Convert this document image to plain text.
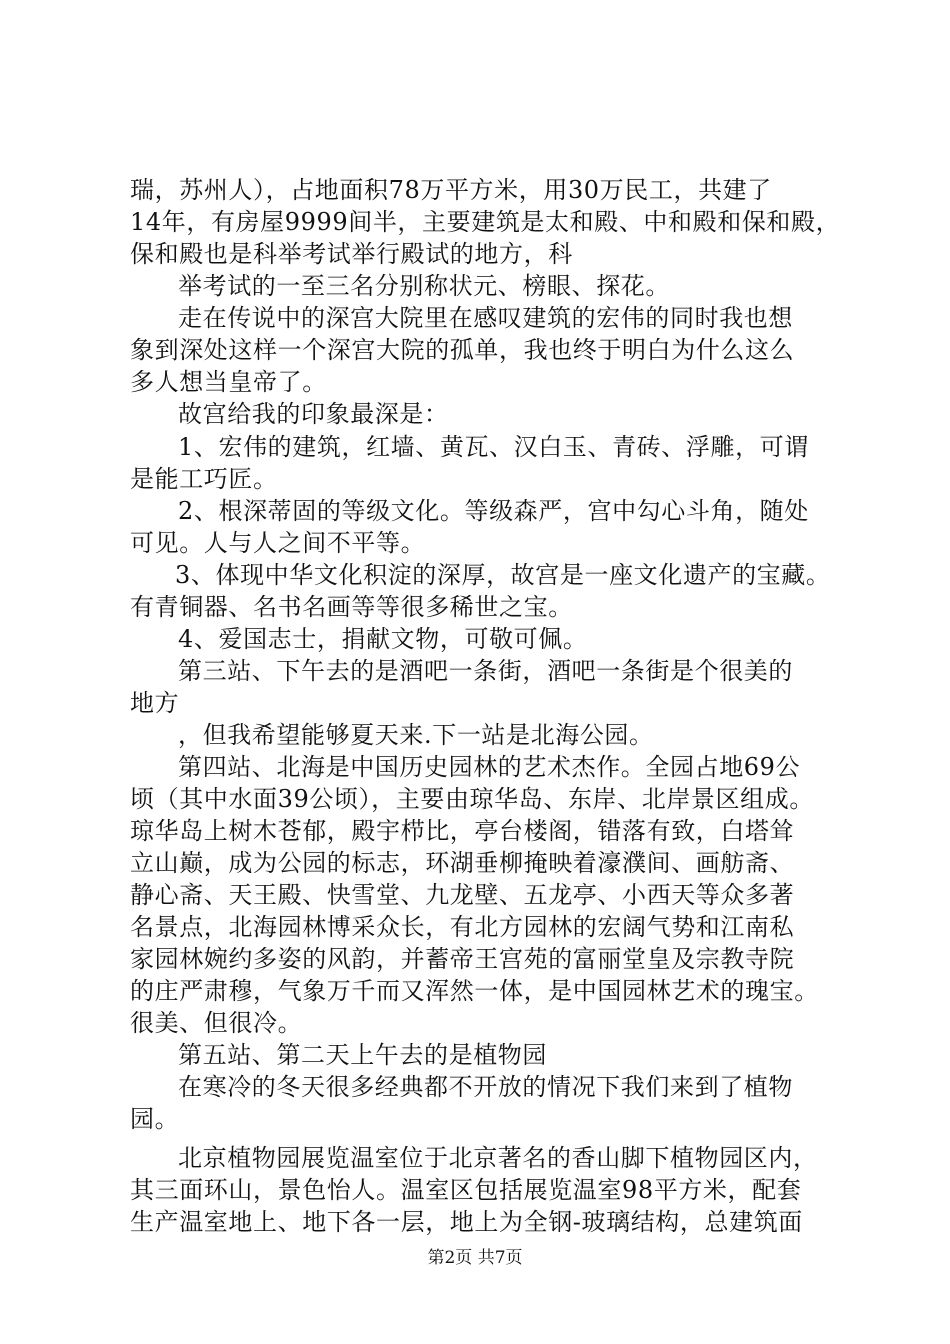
瑞，苏州人），占地面积78万平方米，用30万民工，共建了
14年，有房屋9999间半，主要建筑是太和殿、中和殿和保和殿，
保和殿也是科举考试举行殿试的地方，科
举考试的一至三名分别称状元、榜眼、探花。
走在传说中的深宫大院里在感叹建筑的宏伟的同时我也想
象到深处这样一个深宫大院的孤单，我也终于明白为什么这么
多人想当皇帝了。
故宫给我的印象最深是：
1、宏伟的建筑，红墙、黄瓦、汉白玉、青砖、浮雕，可谓
是能工巧匠。
2、根深蒂固的等级文化。等级森严，宫中勾心斗角，随处
可见。人与人之间不平等。
3、体现中华文化积淀的深厚，故宫是一座文化遗产的宝藏。
有青铜器、名书名画等等很多稀世之宝。
4、爱国志士，捐献文物，可敬可佩。
第三站、下午去的是酒吧一条街，酒吧一条街是个很美的
地方
，但我希望能够夏天来.下一站是北海公园。
第四站、北海是中国历史园林的艺术杰作。全园占地69公
顷（其中水面39公顷），主要由琼华岛、东岸、北岸景区组成。
琼华岛上树木苍郁，殿宇栉比，亭台楼阁，错落有致，白塔耸
立山巅，成为公园的标志，环湖垂柳掩映着濠濮间、画舫斋、
静心斋、天王殿、快雪堂、九龙壁、五龙亭、小西天等众多著
名景点，北海园林博采众长，有北方园林的宏阔气势和江南私
家园林婉约多姿的风韵，并蓄帝王宫苑的富丽堂皇及宗教寺院
的庄严肃穆，气象万千而又浑然一体，是中国园林艺术的瑰宝。
很美、但很冷。
第五站、第二天上午去的是植物园
在寒冷的冬天很多经典都不开放的情况下我们来到了植物
园。
北京植物园展览温室位于北京著名的香山脚下植物园区内，
其三面环山，景色怡人。温室区包括展览温室98平方米，配套
生产温室地上、地下各一层，地上为全钢-玻璃结构，总建筑面
第2页 共7页
